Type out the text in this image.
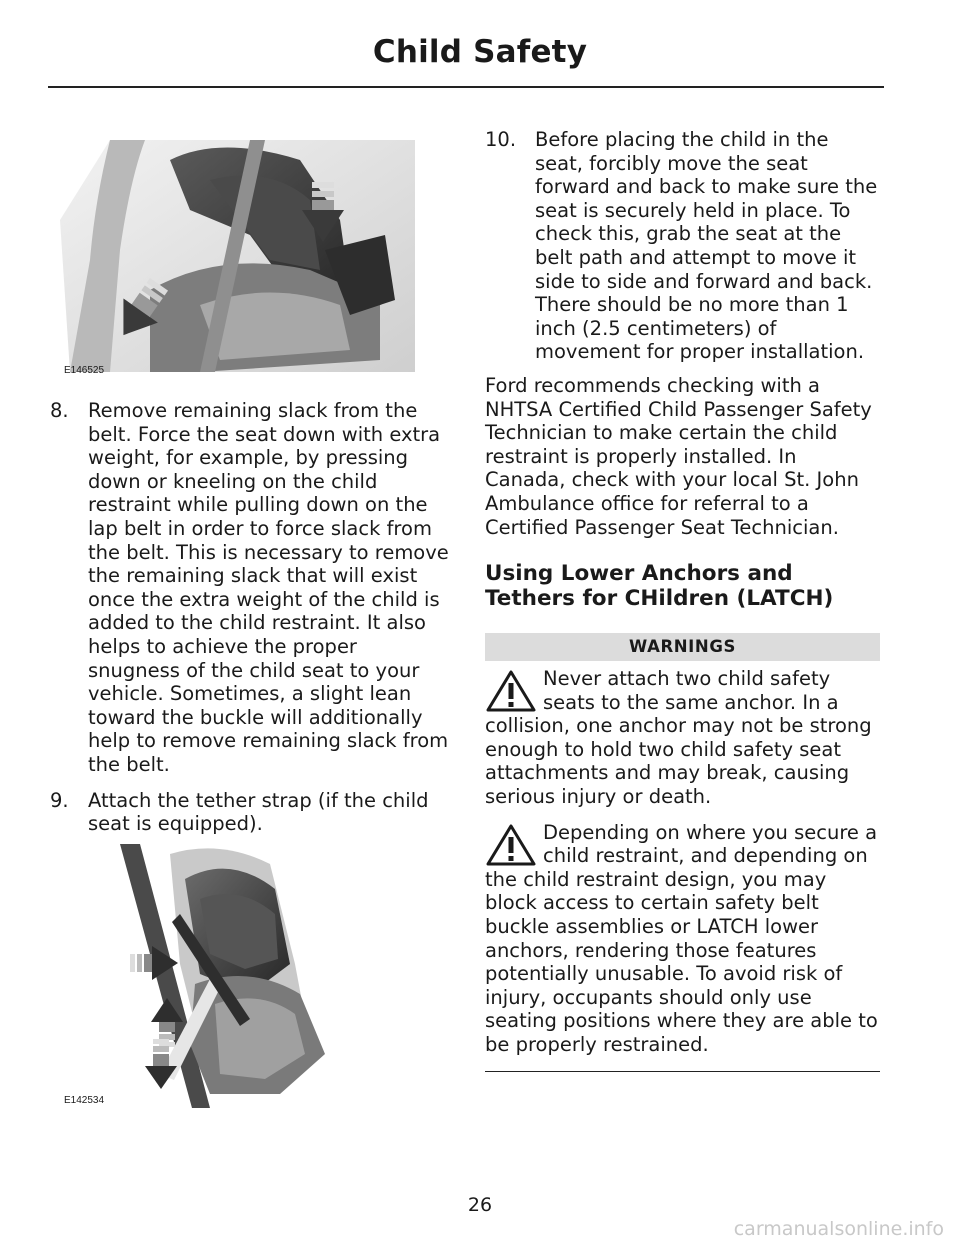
Child Safety
E146525
8. Remove remaining slack from the belt. Force the seat down with extra weight, for example, by pressing down or kneeling on the child restraint while pulling down on the lap belt in order to force slack from the belt. This is necessary to remove the remaining slack that will exist once the extra weight of the child is added to the child restraint. It also helps to achieve the proper snugness of the child seat to your vehicle. Sometimes, a slight lean toward the buckle will additionally help to remove remaining slack from the belt.
9. Attach the tether strap (if the child seat is equipped).
E142534
10. Before placing the child in the seat, forcibly move the seat forward and back to make sure the seat is securely held in place. To check this, grab the seat at the belt path and attempt to move it side to side and forward and back. There should be no more than 1 inch (2.5 centimeters) of movement for proper installation.

Ford recommends checking with a NHTSA Certified Child Passenger Safety Technician to make certain the child restraint is properly installed. In Canada, check with your local St. John Ambulance office for referral to a Certified Passenger Seat Technician.

Using Lower Anchors and Tethers for CHildren (LATCH)

WARNINGS

Never attach two child safety seats to the same anchor. In a collision, one anchor may not be strong enough to hold two child safety seat attachments and may break, causing serious injury or death.

Depending on where you secure a child restraint, and depending on the child restraint design, you may block access to certain safety belt buckle assemblies or LATCH lower anchors, rendering those features potentially unusable. To avoid risk of injury, occupants should only use seating positions where they are able to be properly restrained.

26
carmanualsonline.info
